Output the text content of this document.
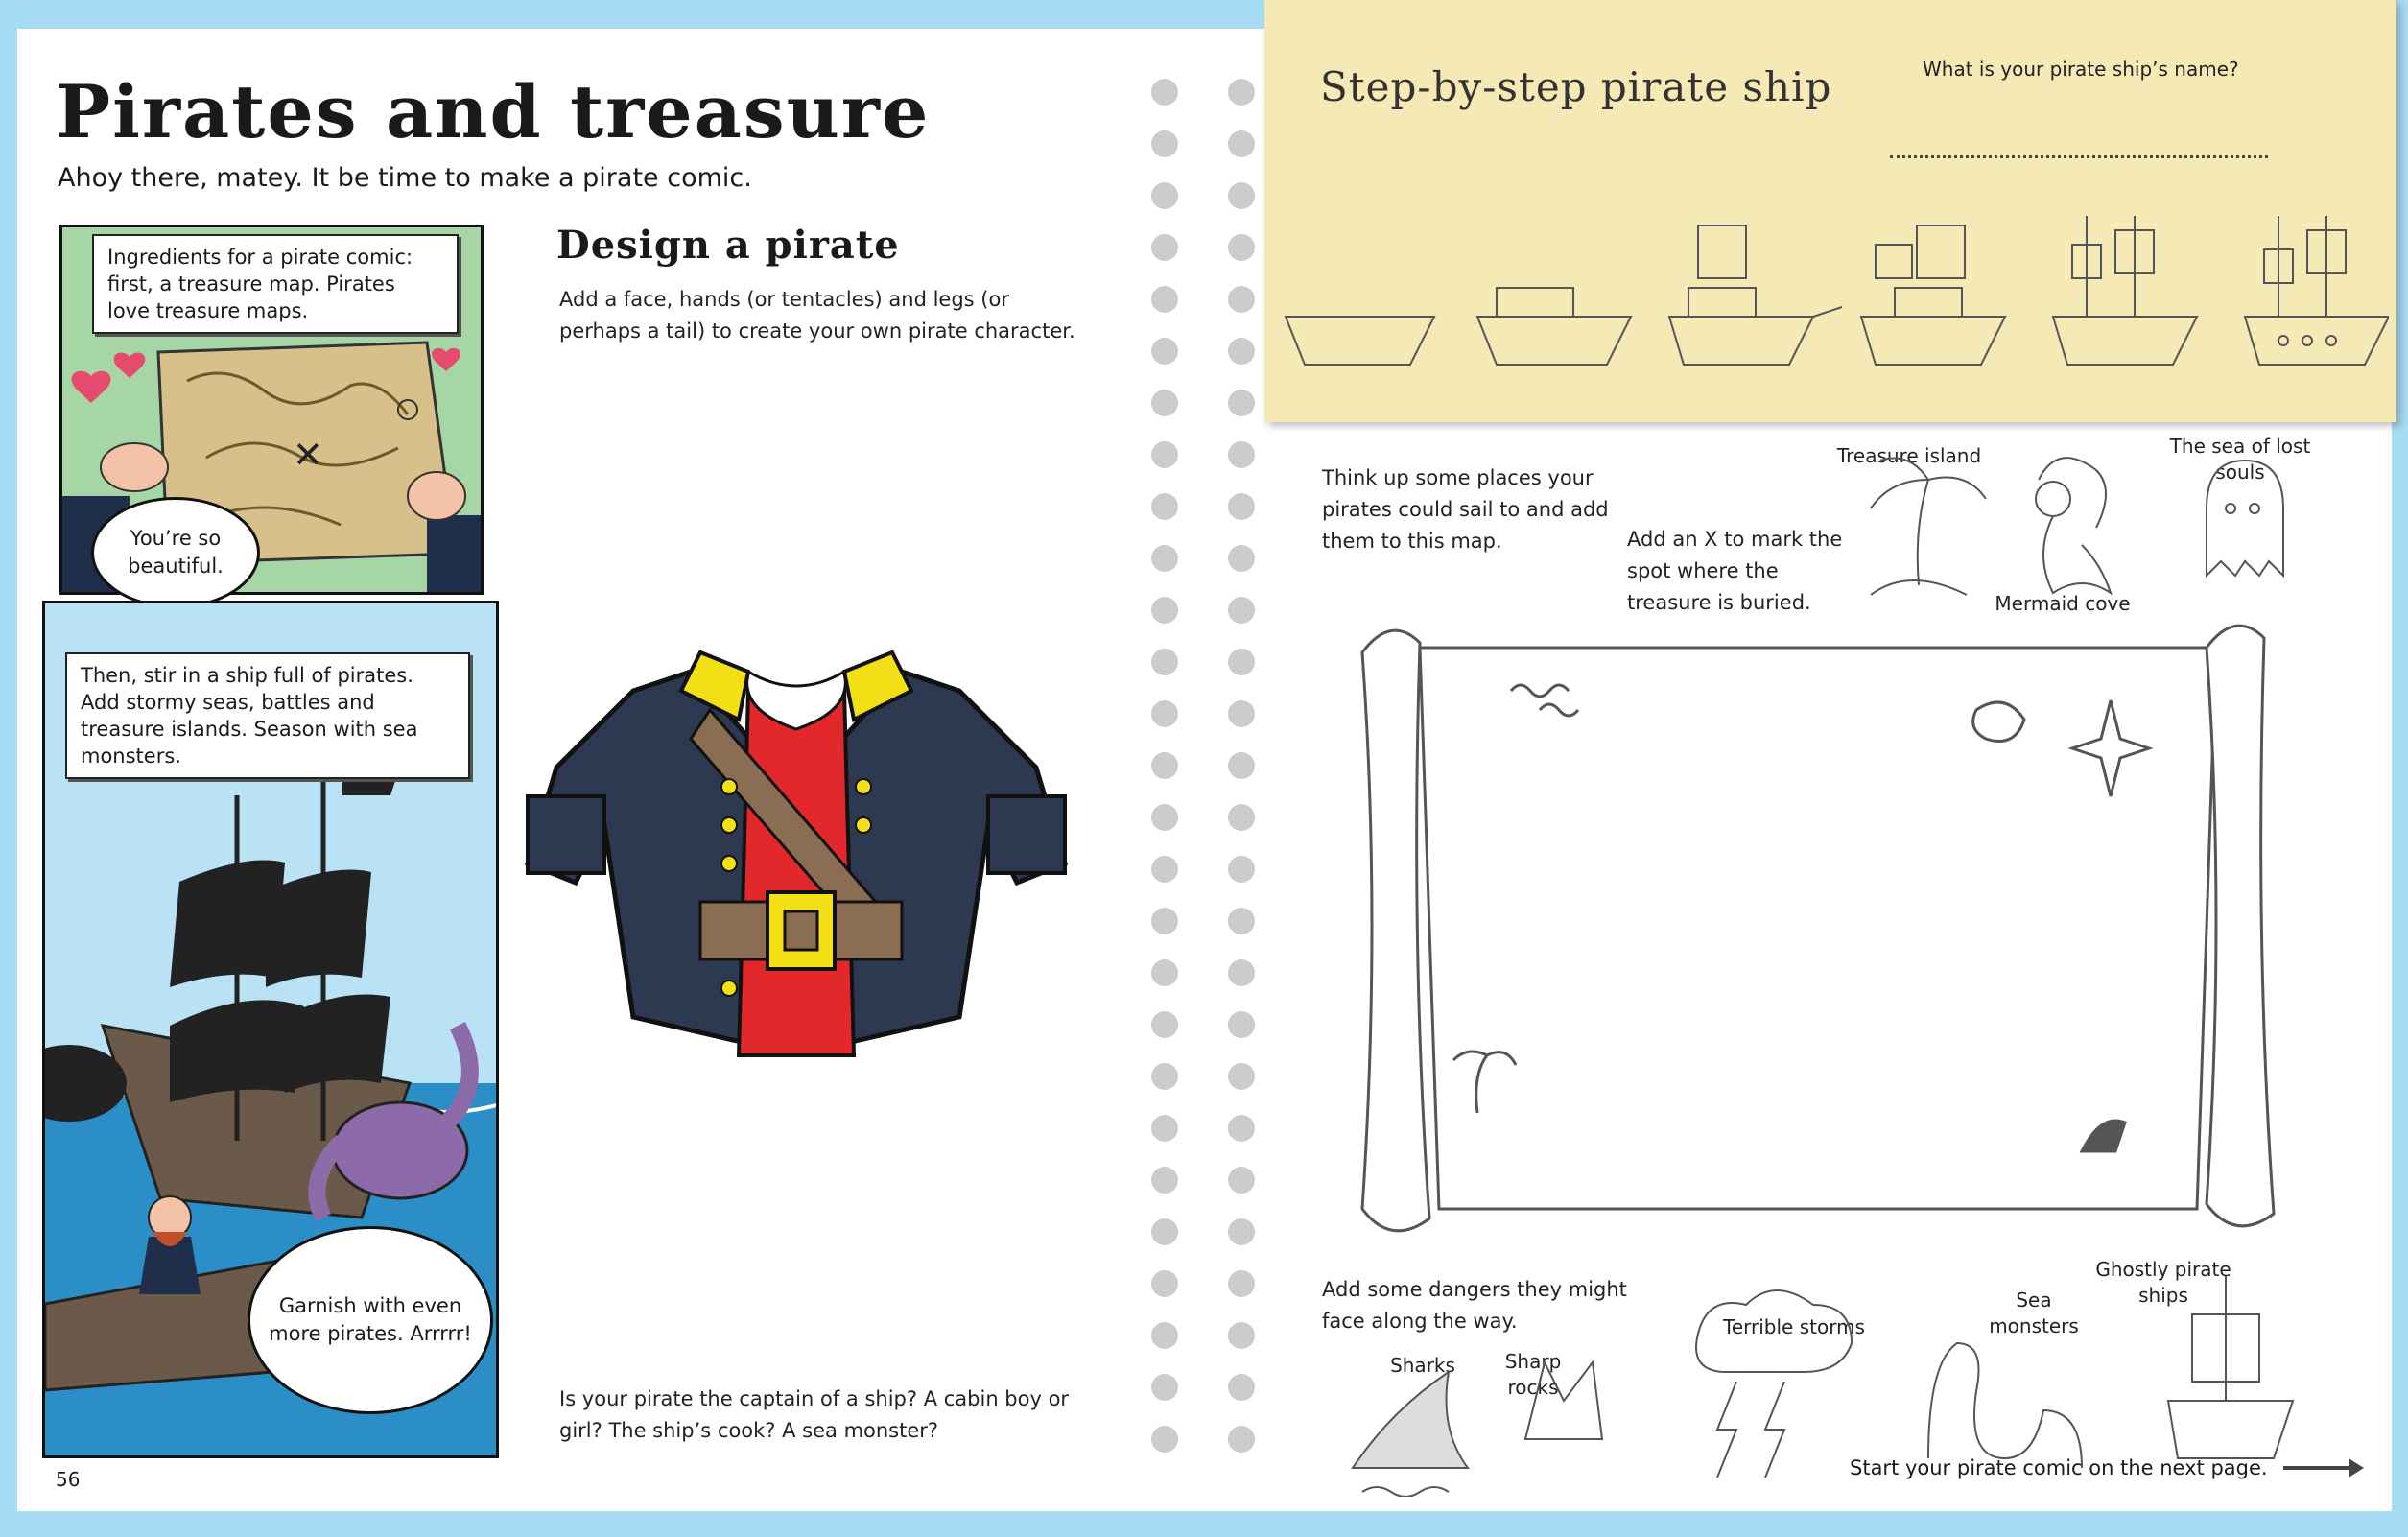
Pirates and treasure
Ahoy there, matey. It be time to make a pirate comic.
✕
Ingredients for a pirate comic: first, a treasure map. Pirates love treasure maps.
You’re so beautiful.
Then, stir in a ship full of pirates. Add stormy seas, battles and treasure islands. Season with sea monsters.
Garnish with even more pirates. Arrrrr!
56
Design a pirate
Add a face, hands (or tentacles) and legs (or perhaps a tail) to create your own pirate character.
Is your pirate the captain of a ship? A cabin boy or girl? The ship’s cook? A sea monster?
Step-by-step pirate ship	What is your pirate ship’s name?
Think up some places your pirates could sail to and add them to this map.	Add an X to mark the spot where the treasure is buried.
Treasure island
Mermaid cove
The sea of lost souls
Add some dangers they might face along the way.
Sharks	Sharp rocks
Terrible storms
Sea monsters
Ghostly pirate ships
Start your pirate comic on the next page.
